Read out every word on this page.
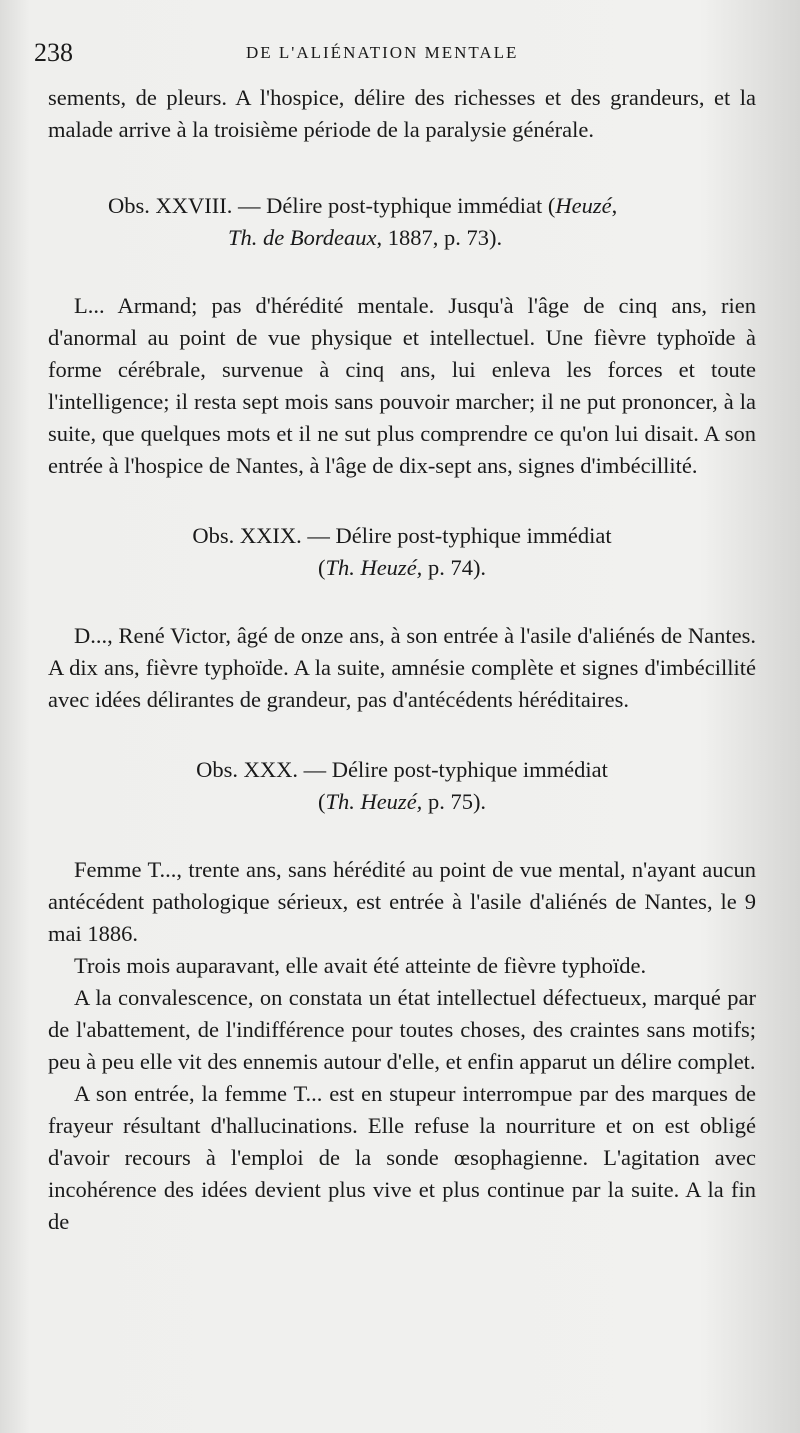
238	DE L'ALIÉNATION MENTALE

sements, de pleurs. A l'hospice, délire des richesses et des grandeurs, et la malade arrive à la troisième période de la paralysie générale.

Obs. XXVIII. — Délire post-typhique immédiat (Heuzé,
Th. de Bordeaux, 1887, p. 73).

L... Armand; pas d'hérédité mentale. Jusqu'à l'âge de cinq ans, rien d'anormal au point de vue physique et intellectuel. Une fièvre typhoïde à forme cérébrale, survenue à cinq ans, lui enleva les forces et toute l'intelligence; il resta sept mois sans pouvoir marcher; il ne put prononcer, à la suite, que quelques mots et il ne sut plus comprendre ce qu'on lui disait. A son entrée à l'hospice de Nantes, à l'âge de dix-sept ans, signes d'imbécillité.

Obs. XXIX. — Délire post-typhique immédiat
(Th. Heuzé, p. 74).

D..., René Victor, âgé de onze ans, à son entrée à l'asile d'aliénés de Nantes. A dix ans, fièvre typhoïde. A la suite, amnésie complète et signes d'imbécillité avec idées délirantes de grandeur, pas d'antécédents héréditaires.

Obs. XXX. — Délire post-typhique immédiat
(Th. Heuzé, p. 75).

Femme T..., trente ans, sans hérédité au point de vue mental, n'ayant aucun antécédent pathologique sérieux, est entrée à l'asile d'aliénés de Nantes, le 9 mai 1886.

Trois mois auparavant, elle avait été atteinte de fièvre typhoïde.

A la convalescence, on constata un état intellectuel défectueux, marqué par de l'abattement, de l'indifférence pour toutes choses, des craintes sans motifs; peu à peu elle vit des ennemis autour d'elle, et enfin apparut un délire complet.

A son entrée, la femme T... est en stupeur interrompue par des marques de frayeur résultant d'hallucinations. Elle refuse la nourriture et on est obligé d'avoir recours à l'emploi de la sonde œsophagienne. L'agitation avec incohérence des idées devient plus vive et plus continue par la suite. A la fin de
